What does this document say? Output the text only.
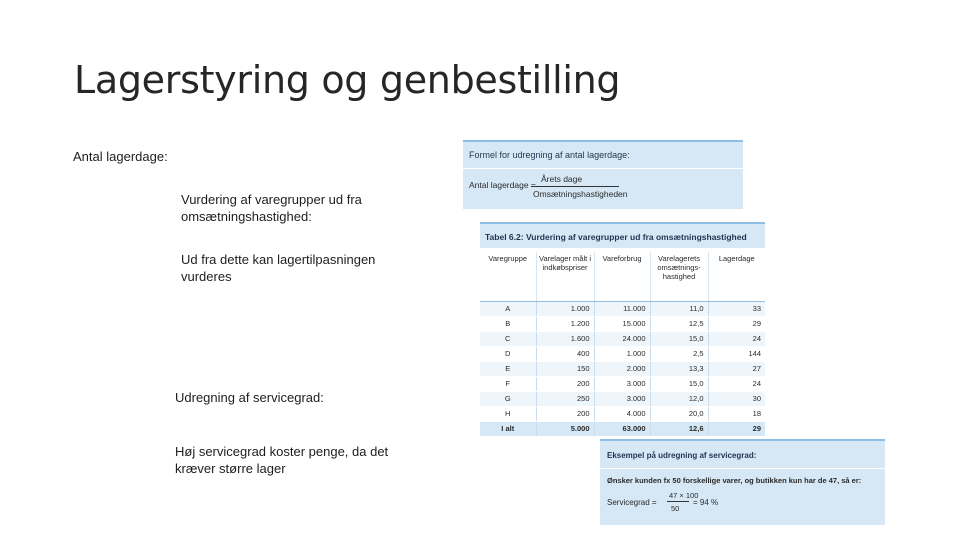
Lagerstyring og genbestilling
Antal lagerdage:
Vurdering af varegrupper ud fra omsætningshastighed:
Ud fra dette kan lagertilpasningen vurderes
Udregning af servicegrad:
Høj servicegrad koster penge, da det kræver større lager
Formel for udregning af antal lagerdage:
Antal lagerdage =
Årets dage
Omsætningshastigheden
Tabel 6.2: Vurdering af varegrupper ud fra omsætningshastighed
Varegruppe	Varelager målt i indkøbspriser	Vareforbrug	Varelagerets omsætnings-hastighed	Lagerdage
A	1.000	11.000	11,0	33
B	1.200	15.000	12,5	29
C	1.600	24.000	15,0	24
D	400	1.000	2,5	144
E	150	2.000	13,3	27
F	200	3.000	15,0	24
G	250	3.000	12,0	30
H	200	4.000	20,0	18
I alt	5.000	63.000	12,6	29
Eksempel på udregning af servicegrad:
Ønsker kunden fx 50 forskellige varer, og butikken kun har de 47, så er:
Servicegrad =
47 × 100
50
= 94 %
